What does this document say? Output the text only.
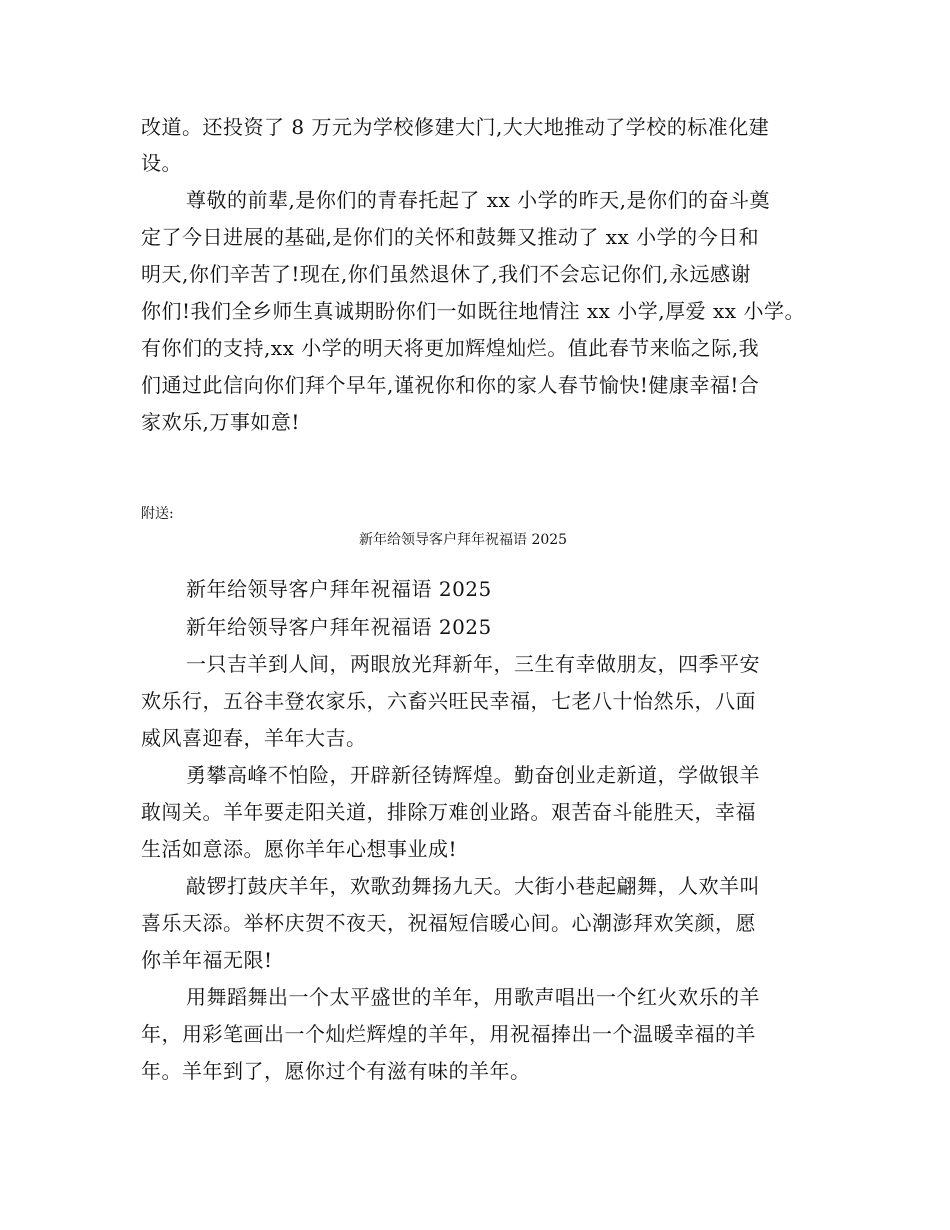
改道。还投资了 8 万元为学校修建大门,大大地推动了学校的标准化建
设。
尊敬的前辈,是你们的青春托起了 xx 小学的昨天,是你们的奋斗奠
定了今日进展的基础,是你们的关怀和鼓舞又推动了 xx 小学的今日和
明天,你们辛苦了!现在,你们虽然退休了,我们不会忘记你们,永远感谢
你们!我们全乡师生真诚期盼你们一如既往地情注 xx 小学,厚爱 xx 小学。
有你们的支持,xx 小学的明天将更加辉煌灿烂。值此春节来临之际,我
们通过此信向你们拜个早年,谨祝你和你的家人春节愉快!健康幸福!合
家欢乐,万事如意!
附送:
新年给领导客户拜年祝福语 2025
新年给领导客户拜年祝福语 2025
新年给领导客户拜年祝福语 2025
一只吉羊到人间，两眼放光拜新年，三生有幸做朋友，四季平安
欢乐行，五谷丰登农家乐，六畜兴旺民幸福，七老八十怡然乐，八面
威风喜迎春，羊年大吉。
勇攀高峰不怕险，开辟新径铸辉煌。勤奋创业走新道，学做银羊
敢闯关。羊年要走阳关道，排除万难创业路。艰苦奋斗能胜天，幸福
生活如意添。愿你羊年心想事业成!
敲锣打鼓庆羊年，欢歌劲舞扬九天。大街小巷起翩舞，人欢羊叫
喜乐天添。举杯庆贺不夜天，祝福短信暖心间。心潮澎拜欢笑颜，愿
你羊年福无限!
用舞蹈舞出一个太平盛世的羊年，用歌声唱出一个红火欢乐的羊
年，用彩笔画出一个灿烂辉煌的羊年，用祝福捧出一个温暖幸福的羊
年。羊年到了，愿你过个有滋有味的羊年。
